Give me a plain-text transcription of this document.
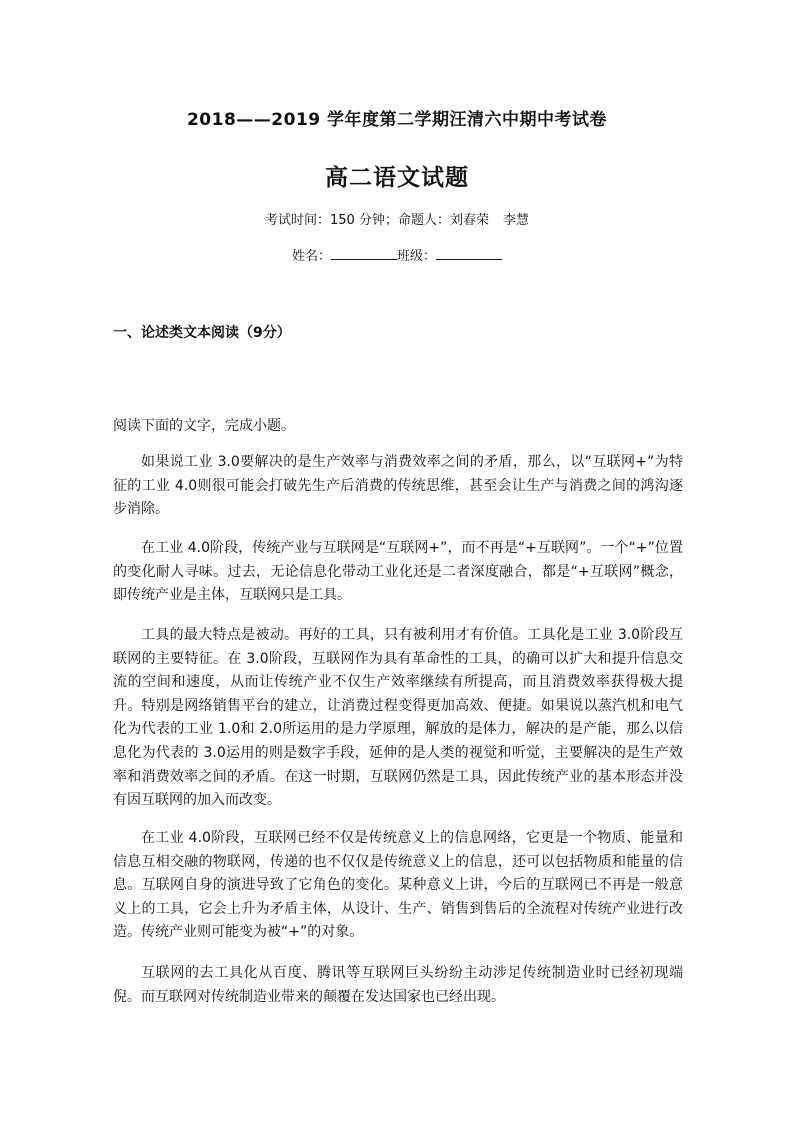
2018——2019 学年度第二学期汪清六中期中考试卷
高二语文试题
考试时间：150 分钟；命题人：刘春荣 李慧
姓名：	班级：
一、论述类文本阅读（9分）

阅读下面的文字，完成小题。

如果说工业 3.0要解决的是生产效率与消费效率之间的矛盾，那么，以“互联网+”为特征的工业 4.0则很可能会打破先生产后消费的传统思维，甚至会让生产与消费之间的鸿沟逐步消除。

在工业 4.0阶段，传统产业与互联网是“互联网+”，而不再是“+互联网”。一个“+”位置的变化耐人寻味。过去，无论信息化带动工业化还是二者深度融合，都是“+互联网”概念，即传统产业是主体，互联网只是工具。

工具的最大特点是被动。再好的工具，只有被利用才有价值。工具化是工业 3.0阶段互联网的主要特征。在 3.0阶段，互联网作为具有革命性的工具，的确可以扩大和提升信息交流的空间和速度，从而让传统产业不仅生产效率继续有所提高，而且消费效率获得极大提升。特别是网络销售平台的建立，让消费过程变得更加高效、便捷。如果说以蒸汽机和电气化为代表的工业 1.0和 2.0所运用的是力学原理，解放的是体力，解决的是产能，那么以信息化为代表的 3.0运用的则是数字手段，延伸的是人类的视觉和听觉，主要解决的是生产效率和消费效率之间的矛盾。在这一时期，互联网仍然是工具，因此传统产业的基本形态并没有因互联网的加入而改变。

在工业 4.0阶段，互联网已经不仅是传统意义上的信息网络，它更是一个物质、能量和信息互相交融的物联网，传递的也不仅仅是传统意义上的信息，还可以包括物质和能量的信息。互联网自身的演进导致了它角色的变化。某种意义上讲，今后的互联网已不再是一般意义上的工具，它会上升为矛盾主体，从设计、生产、销售到售后的全流程对传统产业进行改造。传统产业则可能变为被“+”的对象。

互联网的去工具化从百度、腾讯等互联网巨头纷纷主动涉足传统制造业时已经初现端倪。而互联网对传统制造业带来的颠覆在发达国家也已经出现。
